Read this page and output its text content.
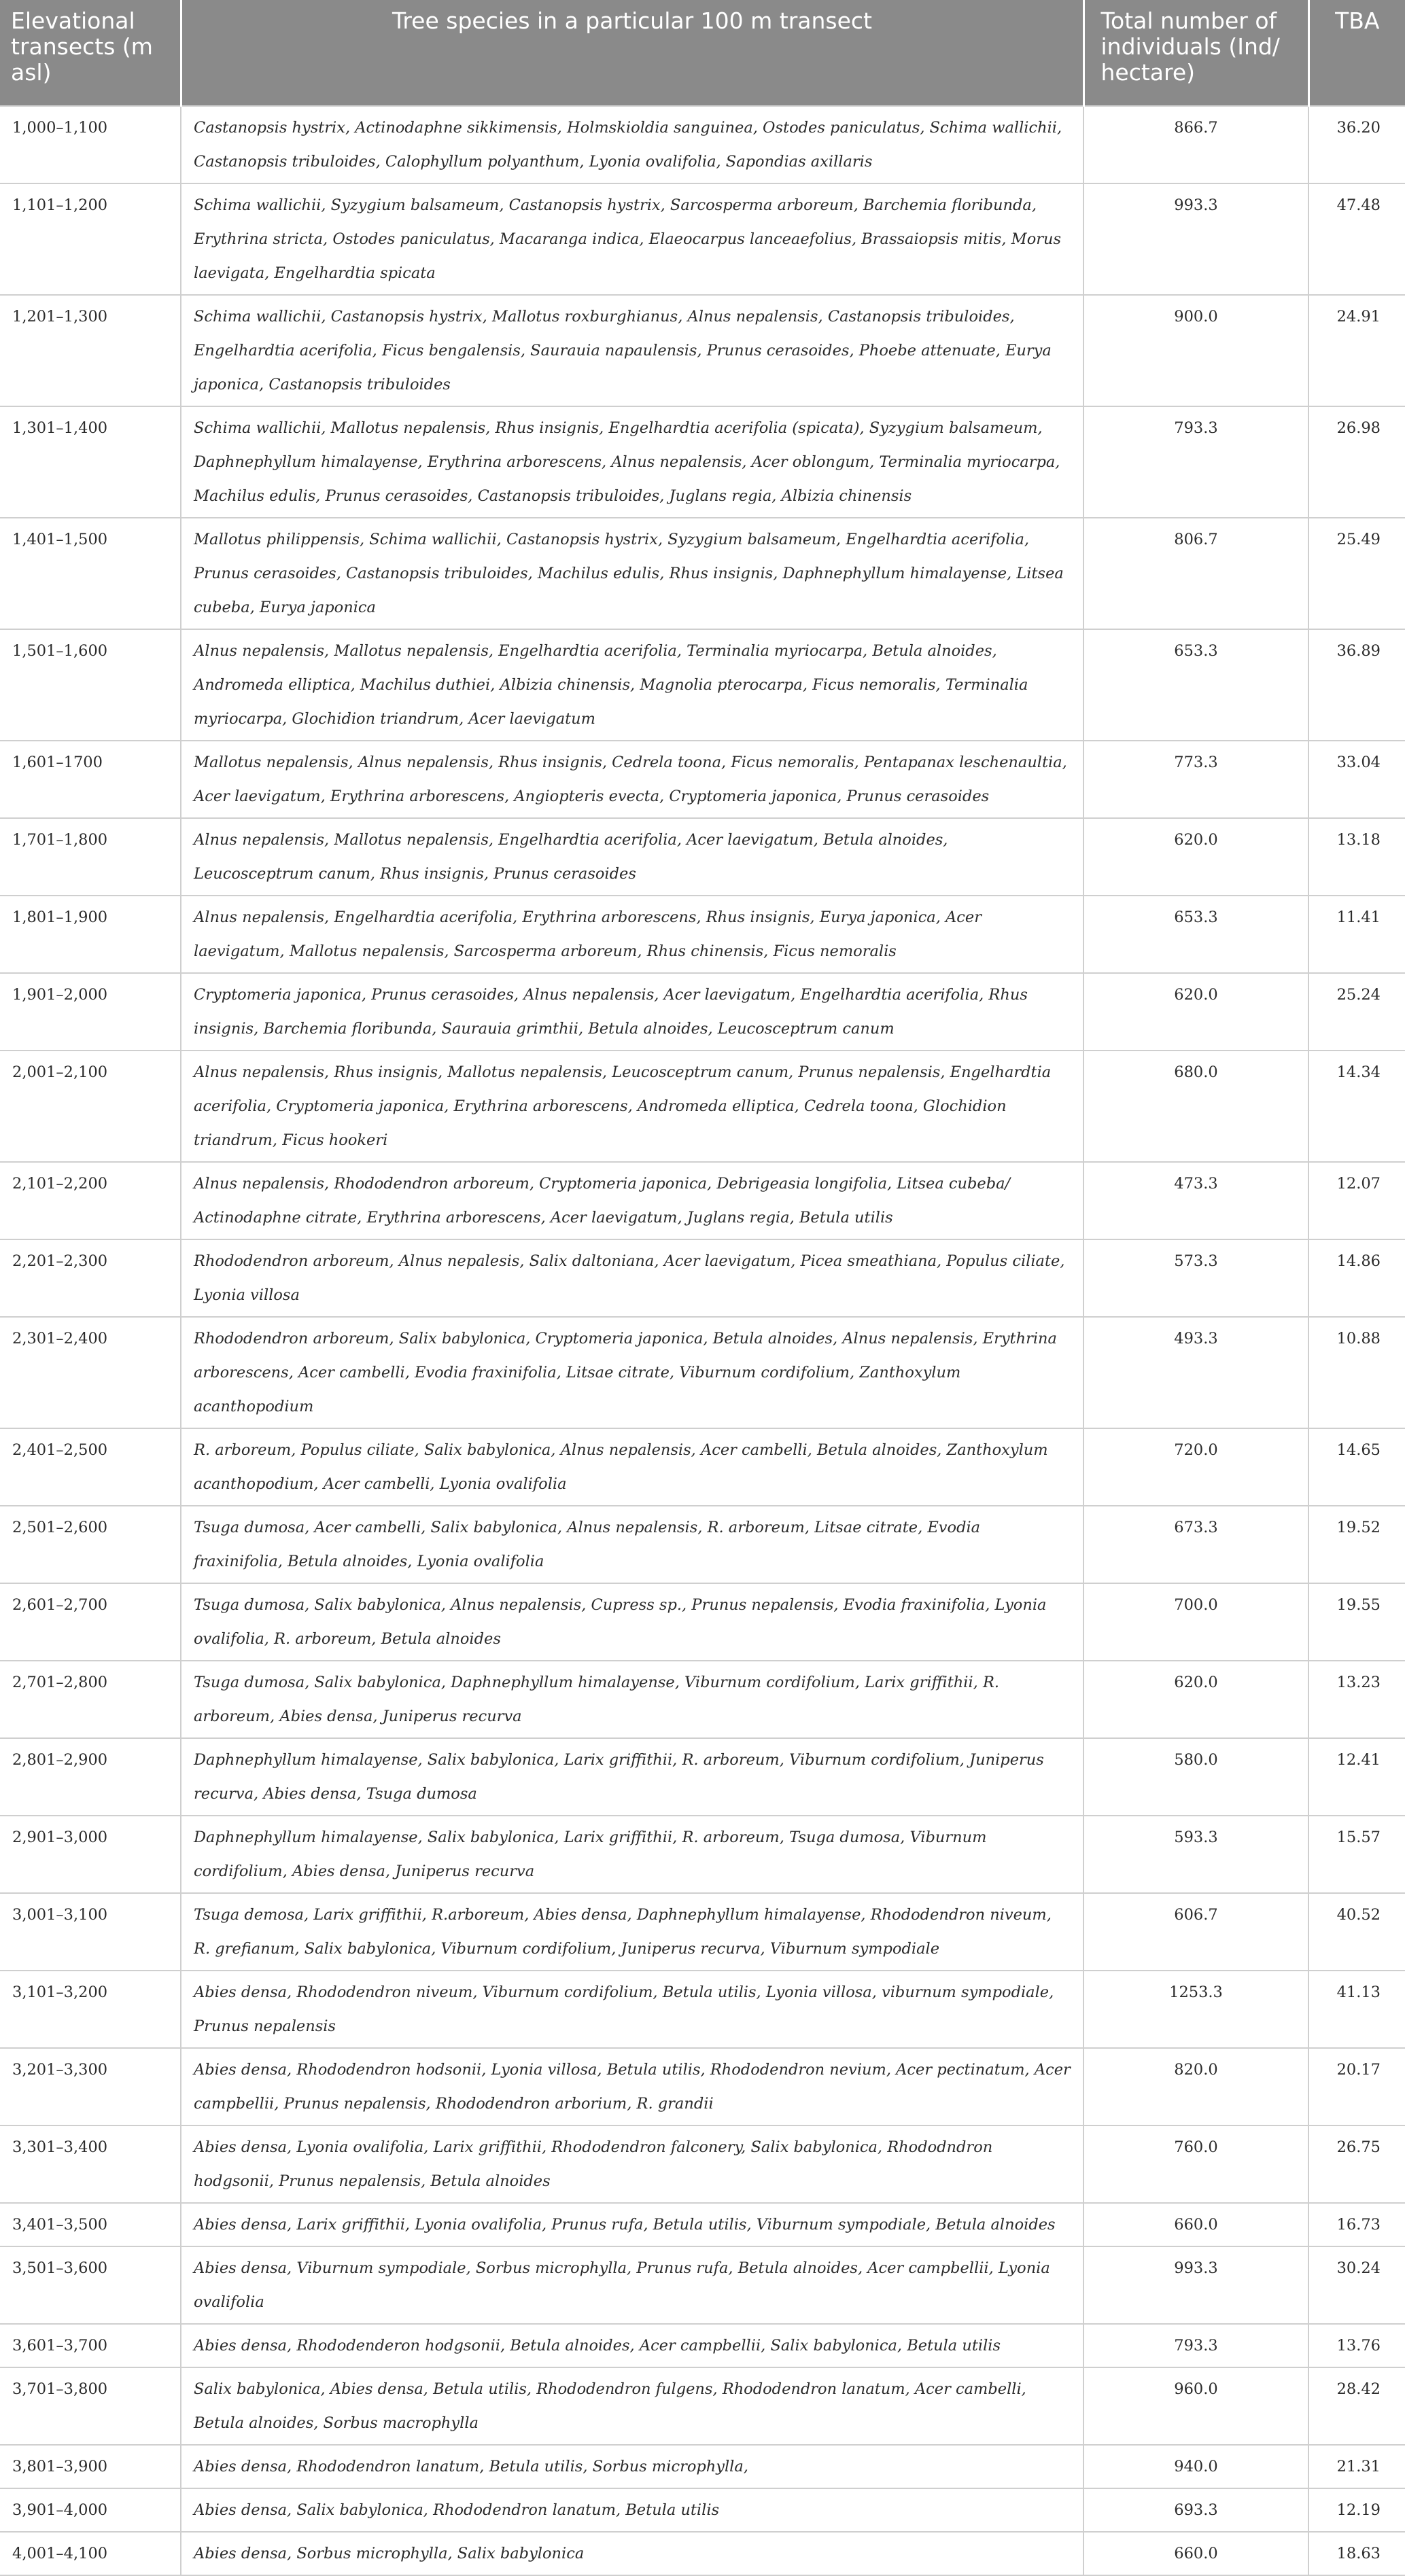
Elevational transects (m asl)	Tree species in a particular 100 m transect	Total number of individuals (Ind/ hectare)	TBA
1,000–1,100	Castanopsis hystrix, Actinodaphne sikkimensis, Holmskioldia sanguinea, Ostodes paniculatus, Schima wallichii, Castanopsis tribuloides, Calophyllum polyanthum, Lyonia ovalifolia, Sapondias axillaris	866.7	36.20
1,101–1,200	Schima wallichii, Syzygium balsameum, Castanopsis hystrix, Sarcosperma arboreum, Barchemia floribunda, Erythrina stricta, Ostodes paniculatus, Macaranga indica, Elaeocarpus lanceaefolius, Brassaiopsis mitis, Morus laevigata, Engelhardtia spicata	993.3	47.48
1,201–1,300	Schima wallichii, Castanopsis hystrix, Mallotus roxburghianus, Alnus nepalensis, Castanopsis tribuloides, Engelhardtia acerifolia, Ficus bengalensis, Saurauia napaulensis, Prunus cerasoides, Phoebe attenuate, Eurya japonica, Castanopsis tribuloides	900.0	24.91
1,301–1,400	Schima wallichii, Mallotus nepalensis, Rhus insignis, Engelhardtia acerifolia (spicata), Syzygium balsameum, Daphnephyllum himalayense, Erythrina arborescens, Alnus nepalensis, Acer oblongum, Terminalia myriocarpa, Machilus edulis, Prunus cerasoides, Castanopsis tribuloides, Juglans regia, Albizia chinensis	793.3	26.98
1,401–1,500	Mallotus philippensis, Schima wallichii, Castanopsis hystrix, Syzygium balsameum, Engelhardtia acerifolia, Prunus cerasoides, Castanopsis tribuloides, Machilus edulis, Rhus insignis, Daphnephyllum himalayense, Litsea cubeba, Eurya japonica	806.7	25.49
1,501–1,600	Alnus nepalensis, Mallotus nepalensis, Engelhardtia acerifolia, Terminalia myriocarpa, Betula alnoides, Andromeda elliptica, Machilus duthiei, Albizia chinensis, Magnolia pterocarpa, Ficus nemoralis, Terminalia myriocarpa, Glochidion triandrum, Acer laevigatum	653.3	36.89
1,601–1700	Mallotus nepalensis, Alnus nepalensis, Rhus insignis, Cedrela toona, Ficus nemoralis, Pentapanax leschenaultia, Acer laevigatum, Erythrina arborescens, Angiopteris evecta, Cryptomeria japonica, Prunus cerasoides	773.3	33.04
1,701–1,800	Alnus nepalensis, Mallotus nepalensis, Engelhardtia acerifolia, Acer laevigatum, Betula alnoides, Leucosceptrum canum, Rhus insignis, Prunus cerasoides	620.0	13.18
1,801–1,900	Alnus nepalensis, Engelhardtia acerifolia, Erythrina arborescens, Rhus insignis, Eurya japonica, Acer laevigatum, Mallotus nepalensis, Sarcosperma arboreum, Rhus chinensis, Ficus nemoralis	653.3	11.41
1,901–2,000	Cryptomeria japonica, Prunus cerasoides, Alnus nepalensis, Acer laevigatum, Engelhardtia acerifolia, Rhus insignis, Barchemia floribunda, Saurauia grimthii, Betula alnoides, Leucosceptrum canum	620.0	25.24
2,001–2,100	Alnus nepalensis, Rhus insignis, Mallotus nepalensis, Leucosceptrum canum, Prunus nepalensis, Engelhardtia acerifolia, Cryptomeria japonica, Erythrina arborescens, Andromeda elliptica, Cedrela toona, Glochidion triandrum, Ficus hookeri	680.0	14.34
2,101–2,200	Alnus nepalensis, Rhododendron arboreum, Cryptomeria japonica, Debrigeasia longifolia, Litsea cubeba/ Actinodaphne citrate, Erythrina arborescens, Acer laevigatum, Juglans regia, Betula utilis	473.3	12.07
2,201–2,300	Rhododendron arboreum, Alnus nepalesis, Salix daltoniana, Acer laevigatum, Picea smeathiana, Populus ciliate, Lyonia villosa	573.3	14.86
2,301–2,400	Rhododendron arboreum, Salix babylonica, Cryptomeria japonica, Betula alnoides, Alnus nepalensis, Erythrina arborescens, Acer cambelli, Evodia fraxinifolia, Litsae citrate, Viburnum cordifolium, Zanthoxylum acanthopodium	493.3	10.88
2,401–2,500	R. arboreum, Populus ciliate, Salix babylonica, Alnus nepalensis, Acer cambelli, Betula alnoides, Zanthoxylum acanthopodium, Acer cambelli, Lyonia ovalifolia	720.0	14.65
2,501–2,600	Tsuga dumosa, Acer cambelli, Salix babylonica, Alnus nepalensis, R. arboreum, Litsae citrate, Evodia fraxinifolia, Betula alnoides, Lyonia ovalifolia	673.3	19.52
2,601–2,700	Tsuga dumosa, Salix babylonica, Alnus nepalensis, Cupress sp., Prunus nepalensis, Evodia fraxinifolia, Lyonia ovalifolia, R. arboreum, Betula alnoides	700.0	19.55
2,701–2,800	Tsuga dumosa, Salix babylonica, Daphnephyllum himalayense, Viburnum cordifolium, Larix griffithii, R. arboreum, Abies densa, Juniperus recurva	620.0	13.23
2,801–2,900	Daphnephyllum himalayense, Salix babylonica, Larix griffithii, R. arboreum, Viburnum cordifolium, Juniperus recurva, Abies densa, Tsuga dumosa	580.0	12.41
2,901–3,000	Daphnephyllum himalayense, Salix babylonica, Larix griffithii, R. arboreum, Tsuga dumosa, Viburnum cordifolium, Abies densa, Juniperus recurva	593.3	15.57
3,001–3,100	Tsuga demosa, Larix griffithii, R.arboreum, Abies densa, Daphnephyllum himalayense, Rhododendron niveum, R. grefianum, Salix babylonica, Viburnum cordifolium, Juniperus recurva, Viburnum sympodiale	606.7	40.52
3,101–3,200	Abies densa, Rhododendron niveum, Viburnum cordifolium, Betula utilis, Lyonia villosa, viburnum sympodiale, Prunus nepalensis	1253.3	41.13
3,201–3,300	Abies densa, Rhododendron hodsonii, Lyonia villosa, Betula utilis, Rhododendron nevium, Acer pectinatum, Acer campbellii, Prunus nepalensis, Rhododendron arborium, R. grandii	820.0	20.17
3,301–3,400	Abies densa, Lyonia ovalifolia, Larix griffithii, Rhododendron falconery, Salix babylonica, Rhododndron hodgsonii, Prunus nepalensis, Betula alnoides	760.0	26.75
3,401–3,500	Abies densa, Larix griffithii, Lyonia ovalifolia, Prunus rufa, Betula utilis, Viburnum sympodiale, Betula alnoides	660.0	16.73
3,501–3,600	Abies densa, Viburnum sympodiale, Sorbus microphylla, Prunus rufa, Betula alnoides, Acer campbellii, Lyonia ovalifolia	993.3	30.24
3,601–3,700	Abies densa, Rhododenderon hodgsonii, Betula alnoides, Acer campbellii, Salix babylonica, Betula utilis	793.3	13.76
3,701–3,800	Salix babylonica, Abies densa, Betula utilis, Rhododendron fulgens, Rhododendron lanatum, Acer cambelli, Betula alnoides, Sorbus macrophylla	960.0	28.42
3,801–3,900	Abies densa, Rhododendron lanatum, Betula utilis, Sorbus microphylla,	940.0	21.31
3,901–4,000	Abies densa, Salix babylonica, Rhododendron lanatum, Betula utilis	693.3	12.19
4,001–4,100	Abies densa, Sorbus microphylla, Salix babylonica	660.0	18.63
